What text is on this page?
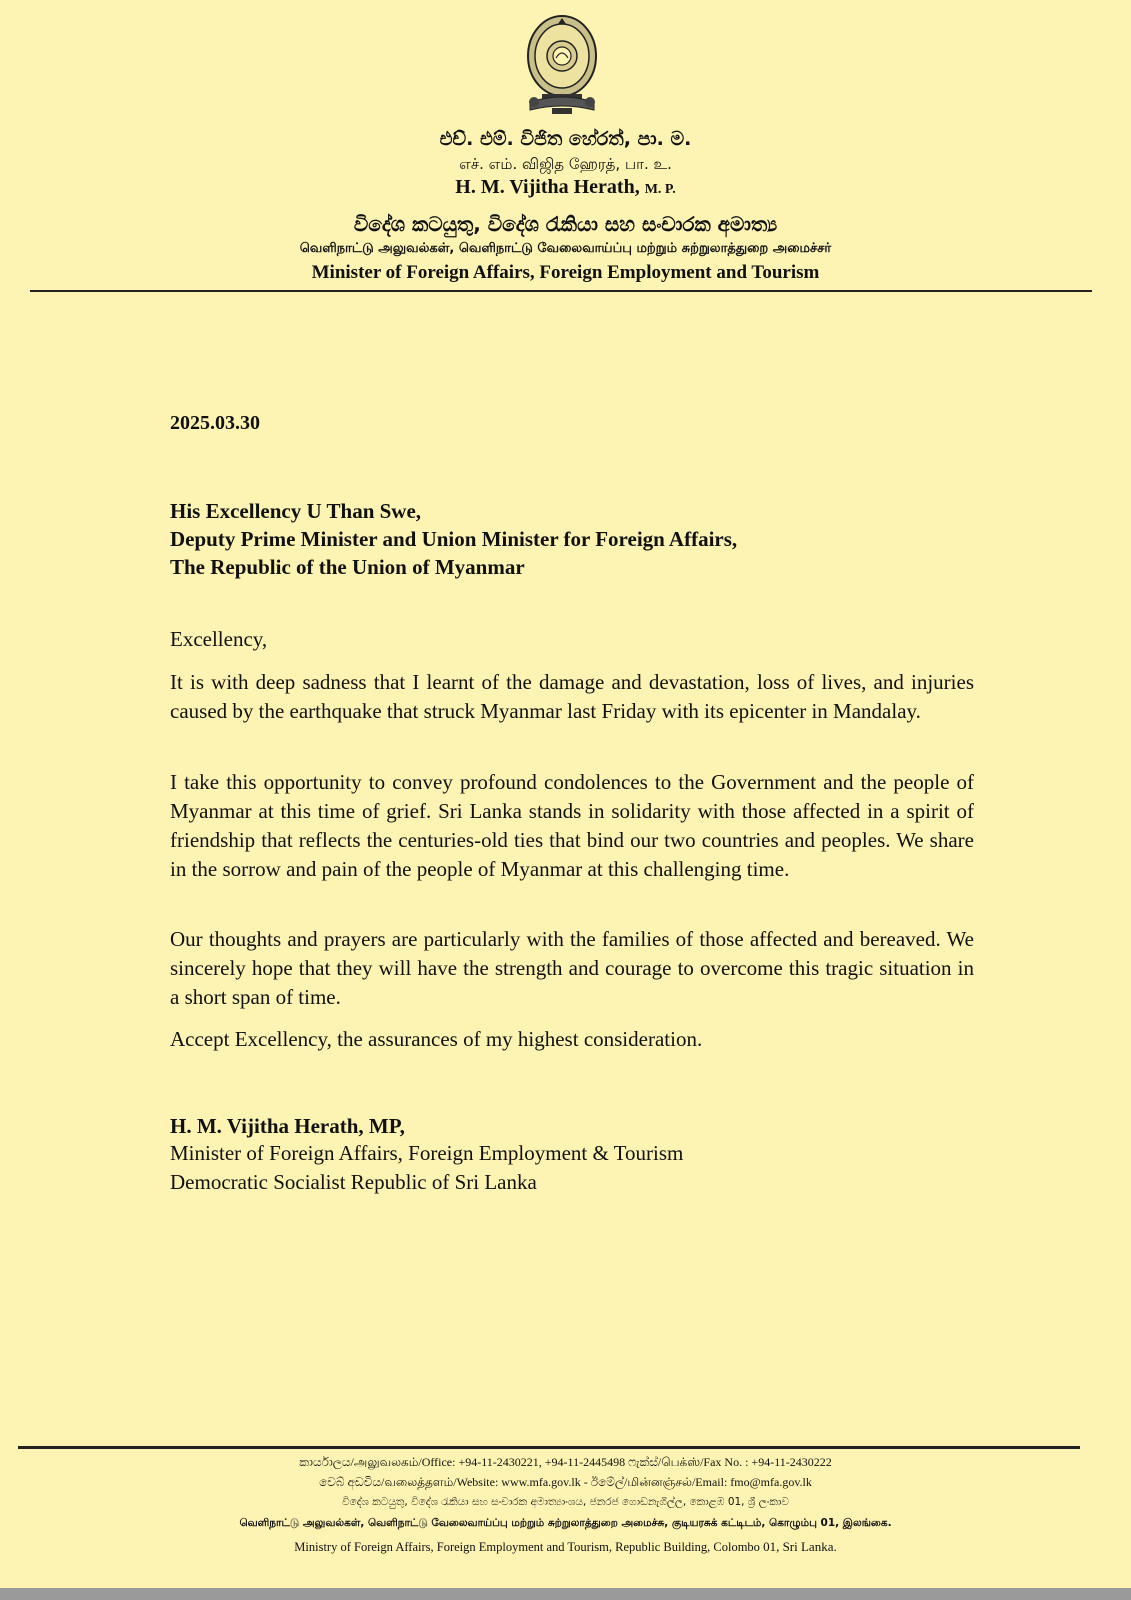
එච්. එම්. විජිත හේරත්, පා. ම.
எச். எம். விஜித ஹேரத், பா. உ.
H. M. Vijitha Herath, M. P.
විදේශ කටයුතු, විදේශ රැකියා සහ සංචාරක අමාත්‍ය
வெளிநாட்டு அலுவல்கள், வெளிநாட்டு வேலைவாய்ப்பு மற்றும் சுற்றுலாத்துறை அமைச்சர்
Minister of Foreign Affairs, Foreign Employment and Tourism
2025.03.30
His Excellency U Than Swe,
Deputy Prime Minister and Union Minister for Foreign Affairs,
The Republic of the Union of Myanmar
Excellency,
It is with deep sadness that I learnt of the damage and devastation, loss of lives, and injuries caused by the earthquake that struck Myanmar last Friday with its epicenter in Mandalay.
I take this opportunity to convey profound condolences to the Government and the people of Myanmar at this time of grief. Sri Lanka stands in solidarity with those affected in a spirit of friendship that reflects the centuries-old ties that bind our two countries and peoples. We share in the sorrow and pain of the people of Myanmar at this challenging time.
Our thoughts and prayers are particularly with the families of those affected and bereaved. We sincerely hope that they will have the strength and courage to overcome this tragic situation in a short span of time.
Accept Excellency, the assurances of my highest consideration.
H. M. Vijitha Herath, MP,
Minister of Foreign Affairs, Foreign Employment & Tourism
Democratic Socialist Republic of Sri Lanka
කාර්යාලය/அலுவலகம்/Office: +94-11-2430221, +94-11-2445498 ෆැක්ස්/பெக்ஸ்/Fax No. : +94-11-2430222
වෙබ් අඩවිය/வலைத்தளம்/Website: www.mfa.gov.lk - ඊමේල්/மின்னஞ்சல்/Email: fmo@mfa.gov.lk
විදේශ කටයුතු, විදේශ රැකියා සහ සංචාරක අමාත්‍යාංශය, ජනරජ ගොඩනැගිල්ල, කොළඹ 01, ශ්‍රී ලංකාව
வெளிநாட்டு அலுவல்கள், வெளிநாட்டு வேலைவாய்ப்பு மற்றும் சுற்றுலாத்துறை அமைச்சு, குடியரசுக் கட்டிடம், கொழும்பு 01, இலங்கை.
Ministry of Foreign Affairs, Foreign Employment and Tourism, Republic Building, Colombo 01, Sri Lanka.
